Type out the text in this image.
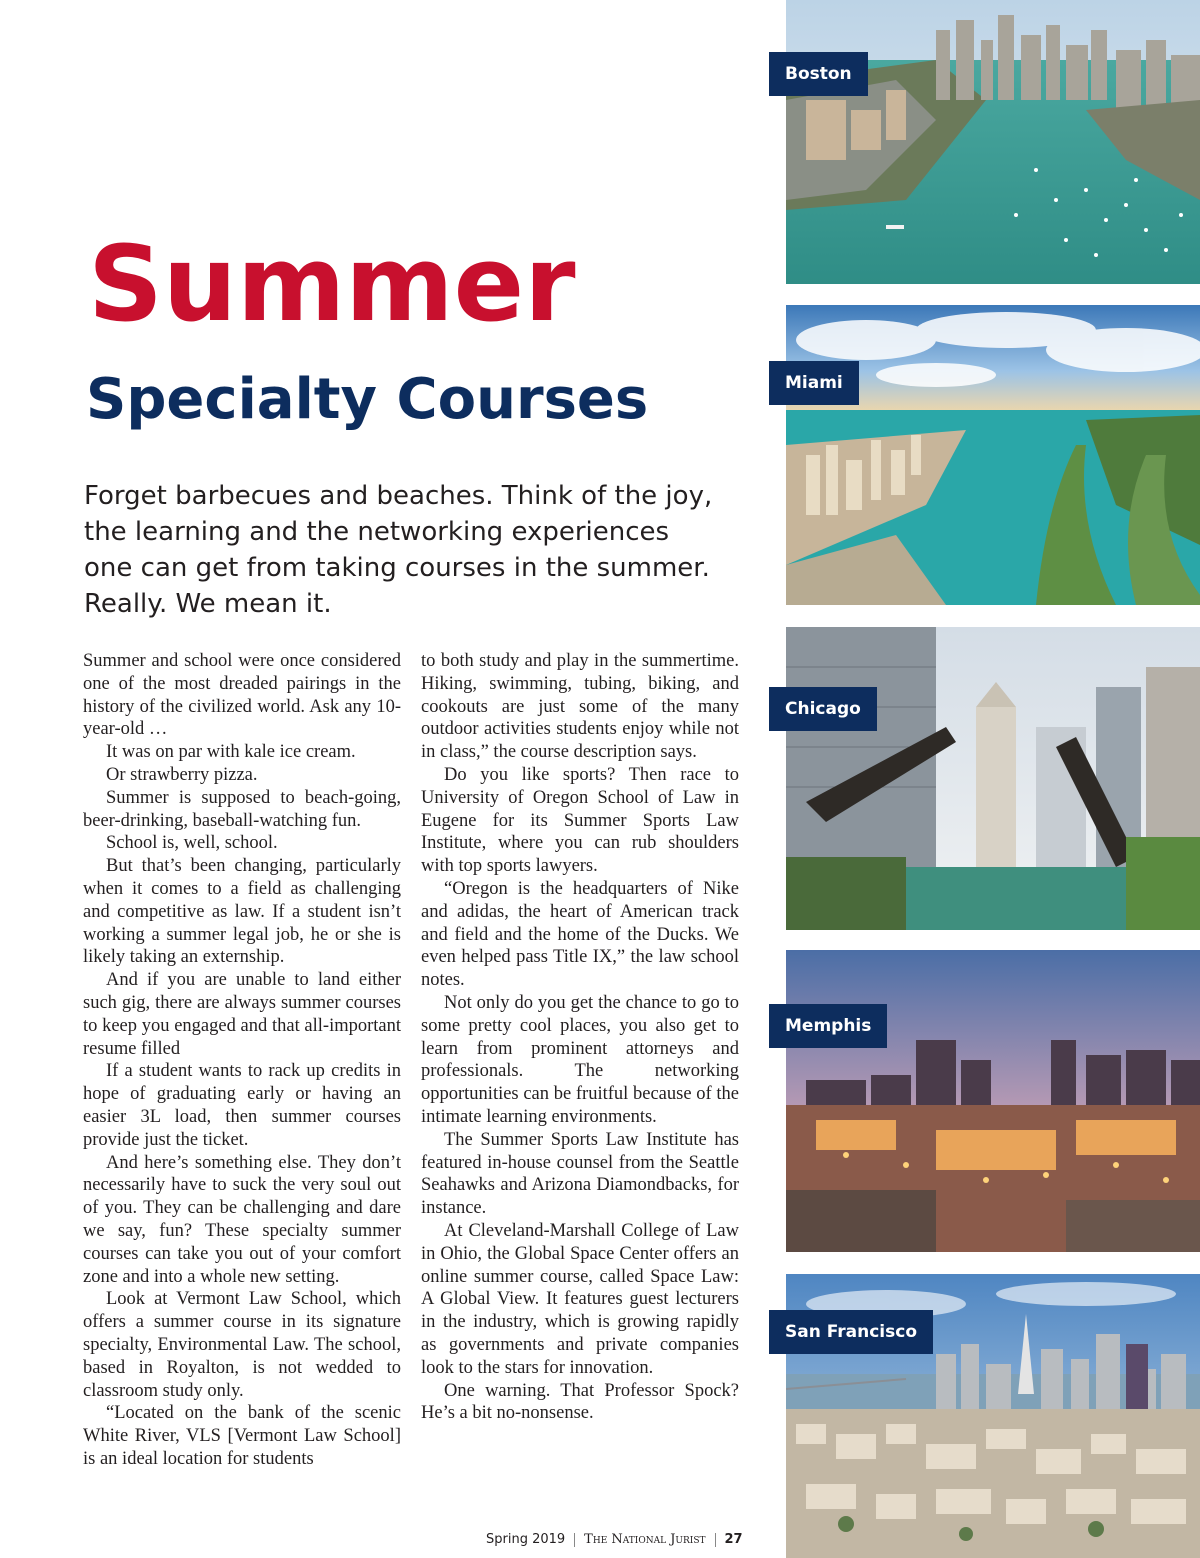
Summer
Specialty Courses
Forget barbecues and beaches. Think of the joy, the learning and the networking experiences one can get from taking courses in the summer. Really. We mean it.

Summer and school were once considered one of the most dreaded pairings in the history of the civilized world. Ask any 10-year-old …

It was on par with kale ice cream.

Or strawberry pizza.

Summer is supposed to beach-going, beer-drinking, baseball-watching fun.

School is, well, school.

But that’s been changing, particularly when it comes to a field as challenging and competitive as law. If a student isn’t working a summer legal job, he or she is likely taking an externship.

And if you are unable to land either such gig, there are always summer courses to keep you engaged and that all-important resume filled

If a student wants to rack up credits in hope of graduating early or having an easier 3L load, then summer courses provide just the ticket.

And here’s something else. They don’t necessarily have to suck the very soul out of you. They can be challenging and dare we say, fun? These specialty summer courses can take you out of your comfort zone and into a whole new setting.

Look at Vermont Law School, which offers a summer course in its signature specialty, Environmental Law. The school, based in Royalton, is not wedded to classroom study only.

“Located on the bank of the scenic White River, VLS [Vermont Law School] is an ideal location for students

to both study and play in the summertime. Hiking, swimming, tubing, biking, and cookouts are just some of the many outdoor activities students enjoy while not in class,” the course description says.

Do you like sports? Then race to University of Oregon School of Law in Eugene for its Summer Sports Law Institute, where you can rub shoulders with top sports lawyers.

“Oregon is the headquarters of Nike and adidas, the heart of American track and field and the home of the Ducks. We even helped pass Title IX,” the law school notes.

Not only do you get the chance to go to some pretty cool places, you also get to learn from prominent attorneys and professionals. The networking opportunities can be fruitful because of the intimate learning environments.

The Summer Sports Law Institute has featured in-house counsel from the Seattle Seahawks and Arizona Diamondbacks, for instance.

At Cleveland-Marshall College of Law in Ohio, the Global Space Center offers an online summer course, called Space Law: A Global View. It features guest lecturers in the industry, which is growing rapidly as governments and private companies look to the stars for innovation.

One warning. That Professor Spock? He’s a bit no-nonsense.

Boston
Miami
Chicago
Memphis
San Francisco
Spring 2019 The National Jurist 27
